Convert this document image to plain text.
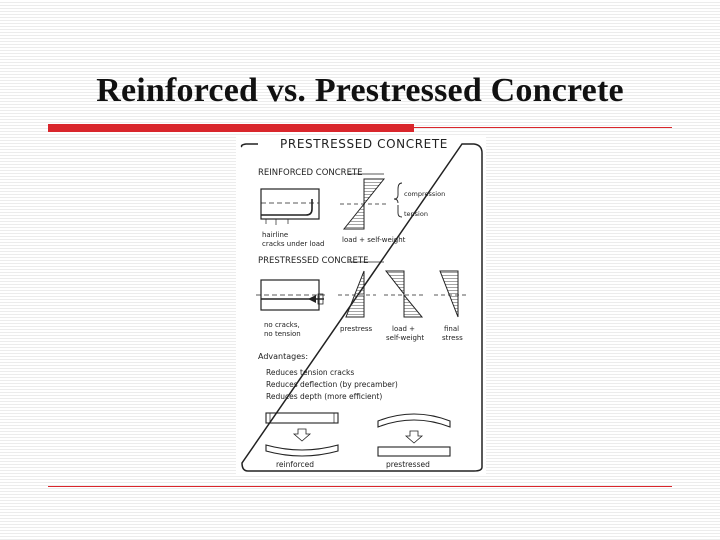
Reinforced vs. Prestressed Concrete
PRESTRESSED CONCRETE
REINFORCED CONCRETE
hairline
cracks under load	load + self-weight
compression
tension
PRESTRESSED CONCRETE
no cracks,
no tension
prestress	load +
self-weight
final
stress
Advantages:
Reduces tension cracks
Reduces deflection (by precamber)
Reduces depth (more efficient)
reinforced	prestressed
